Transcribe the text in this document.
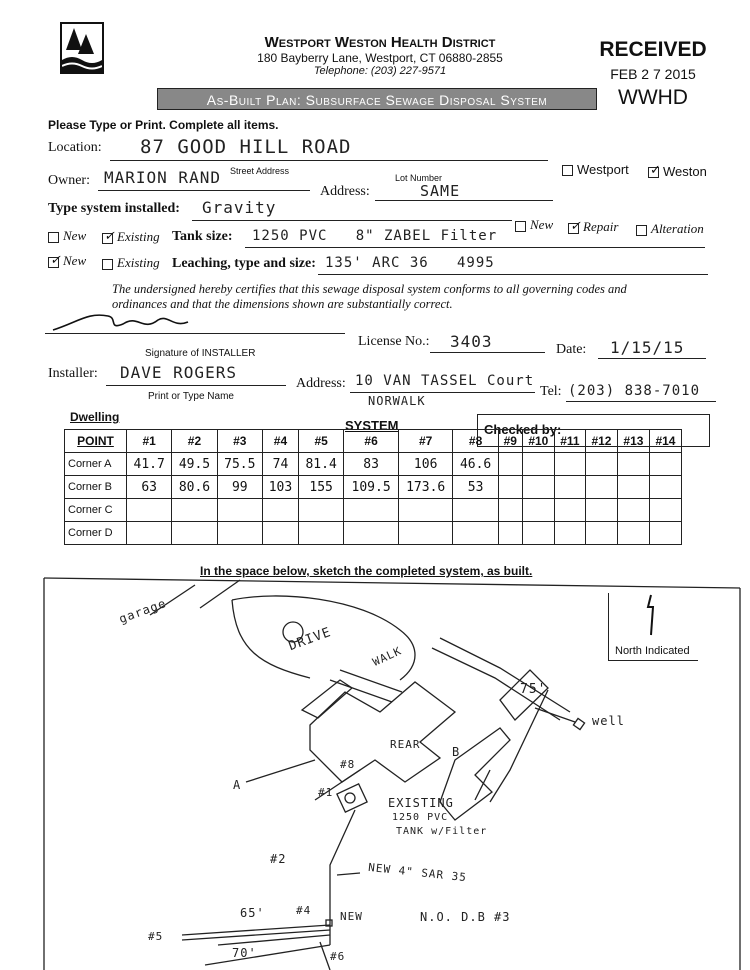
Westport Weston Health District
180 Bayberry Lane, Westport, CT 06880-2855
Telephone: (203) 227-9571
RECEIVED
FEB 2 7 2015
WWHD
As-Built Plan: Subsurface Sewage Disposal System
Please Type or Print. Complete all items.
Location: 87 GOOD HILL ROAD
Street Address
Lot Number
Westport ✓	Weston
Owner: MARION RAND
Address:	SAME
Type system installed: Gravity
New ✓	Repair	Alteration
New ✓	Existing Tank size: 1250 PVC   8" ZABEL Filter
✓New	Existing Leaching, type and size: 135' ARC 36   4995
The undersigned hereby certifies that this sewage disposal system conforms to all governing codes and ordinances and that the dimensions shown are substantially correct.
Signature of INSTALLER
License No.: 3403	Date: 1/15/15
Installer: DAVE ROGERS
Print or Type Name
Address: 10 VAN TASSEL Court
NORWALK
Tel: (203) 838-7010
Dwelling
SYSTEM	Checked by:
POINT	#1	#2	#3	#4	#5	#6	#7	#8	#9	#10	#11	#12	#13	#14
Corner A	41.7	49.5	75.5	74	81.4	83	106	46.6						
Corner B	63	80.6	99	103	155	109.5	173.6	53						
Corner C														
Corner D														
In the space below, sketch the completed system, as built.
North Indicated
garage
DRIVE
WALK
75'
well
REAR
B
A
#8
#1
EXISTING
1250 PVC
TANK w/Filter
#2
NEW 4" SAR 35
65'	#4	NEW	N.O. D.B #3
#5
70'	#6
